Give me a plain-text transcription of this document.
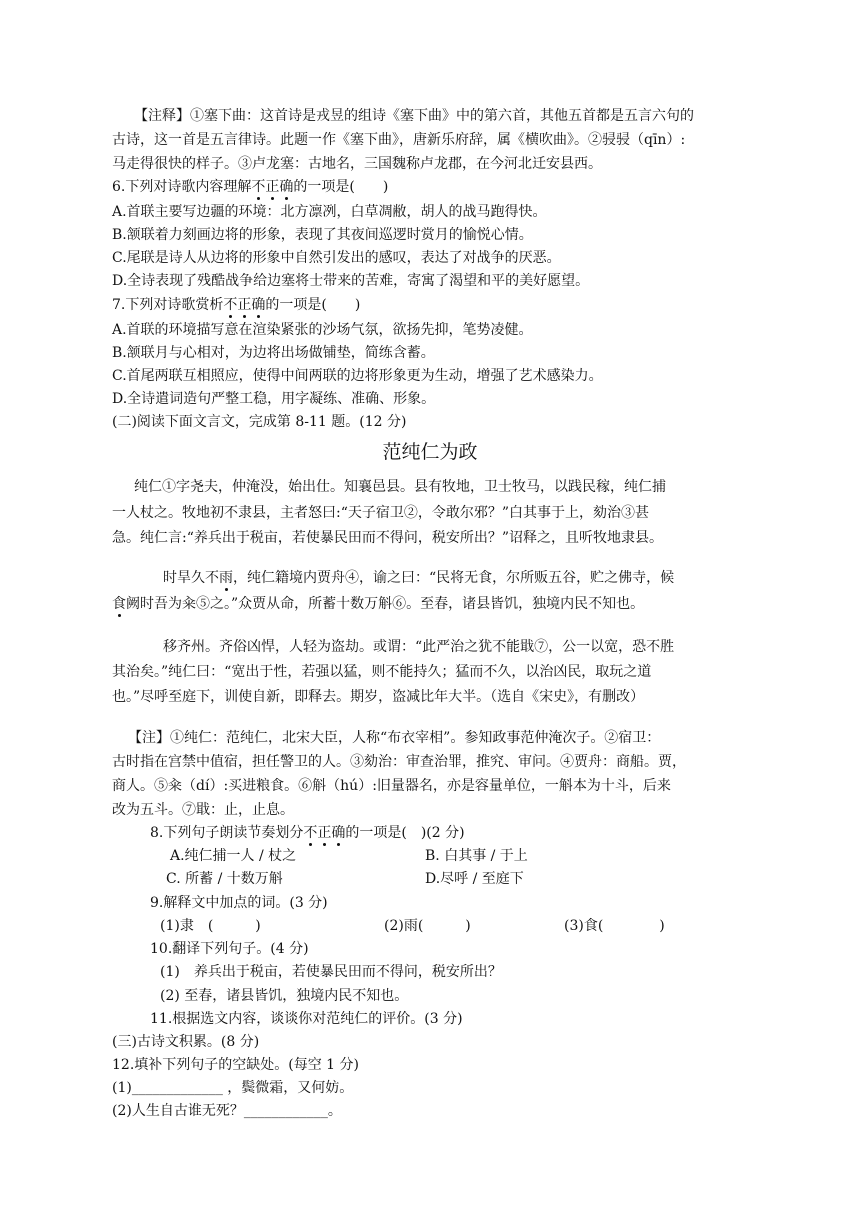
【注释】①塞下曲：这首诗是戎昱的组诗《塞下曲》中的第六首，其他五首都是五言六句的
古诗，这一首是五言律诗。此题一作《塞下曲》，唐新乐府辞，属《横吹曲》。②骎骎（qīn）:
马走得很快的样子。③卢龙塞：古地名，三国魏称卢龙郡，在今河北迁安县西。
6.下列对诗歌内容理解不正确的一项是(　　)
A.首联主要写边疆的环境：北方凛冽，白草凋敝，胡人的战马跑得快。
B.颔联着力刻画边将的形象，表现了其夜间巡逻时赏月的愉悦心情。
C.尾联是诗人从边将的形象中自然引发出的感叹，表达了对战争的厌恶。
D.全诗表现了残酷战争给边塞将士带来的苦难，寄寓了渴望和平的美好愿望。
7.下列对诗歌赏析不正确的一项是(　　)
A.首联的环境描写意在渲染紧张的沙场气氛，欲扬先抑，笔势凌健。
B.颔联月与心相对，为边将出场做铺垫，简练含蓄。
C.首尾两联互相照应，使得中间两联的边将形象更为生动，增强了艺术感染力。
D.全诗遣词造句严整工稳，用字凝练、准确、形象。
(二)阅读下面文言文，完成第 8-11 题。(12 分)
范纯仁为政
纯仁①字尧夫，仲淹没，始出仕。知襄邑县。县有牧地，卫士牧马，以践民稼，纯仁捕
一人杖之。牧地初不隶县，主者怒曰:“天子宿卫②，令敢尔邪？”白其事于上，劾治③甚
急。纯仁言:“养兵出于税亩，若使暴民田而不得问，税安所出？”诏释之，且听牧地隶县。
时旱久不雨，纯仁籍境内贾舟④，谕之曰：“民将无食，尔所贩五谷，贮之佛寺，候
食阙时吾为籴⑤之。”众贾从命，所蓄十数万斛⑥。至春，诸县皆饥，独境内民不知也。
移齐州。齐俗凶悍，人轻为盗劫。或谓：“此严治之犹不能戢⑦，公一以宽，恐不胜
其治矣。”纯仁曰：“宽出于性，若强以猛，则不能持久；猛而不久，以治凶民，取玩之道
也。”尽呼至庭下，训使自新，即释去。期岁，盗减比年大半。（选自《宋史》，有删改）
【注】①纯仁：范纯仁，北宋大臣，人称“布衣宰相”。参知政事范仲淹次子。②宿卫：
古时指在宫禁中值宿，担任警卫的人。③劾治：审查治罪，推究、审问。④贾舟：商船。贾，
商人。⑤籴（dí）:买进粮食。⑥斛（hú）:旧量器名，亦是容量单位，一斛本为十斗，后来
改为五斗。⑦戢：止，止息。
8.下列句子朗读节奏划分不正确的一项是(　)(2 分)
A.纯仁捕一人 / 杖之	B. 白其事 / 于上
C. 所蓄 / 十数万斛	D.尽呼 / 至庭下
9.解释文中加点的词。(3 分)
(1)隶　(　　　)	(2)雨(　　　)	(3)食(　　　　)
10.翻译下列句子。(4 分)
(1)　养兵出于税亩，若使暴民田而不得问，税安所出？
(2) 至春，诸县皆饥，独境内民不知也。
11.根据选文内容，谈谈你对范纯仁的评价。(3 分)
(三)古诗文积累。(8 分)
12.填补下列句子的空缺处。(每空 1 分)
(1)_____________ ，鬓微霜，又何妨。
(2)人生自古谁无死？____________。
